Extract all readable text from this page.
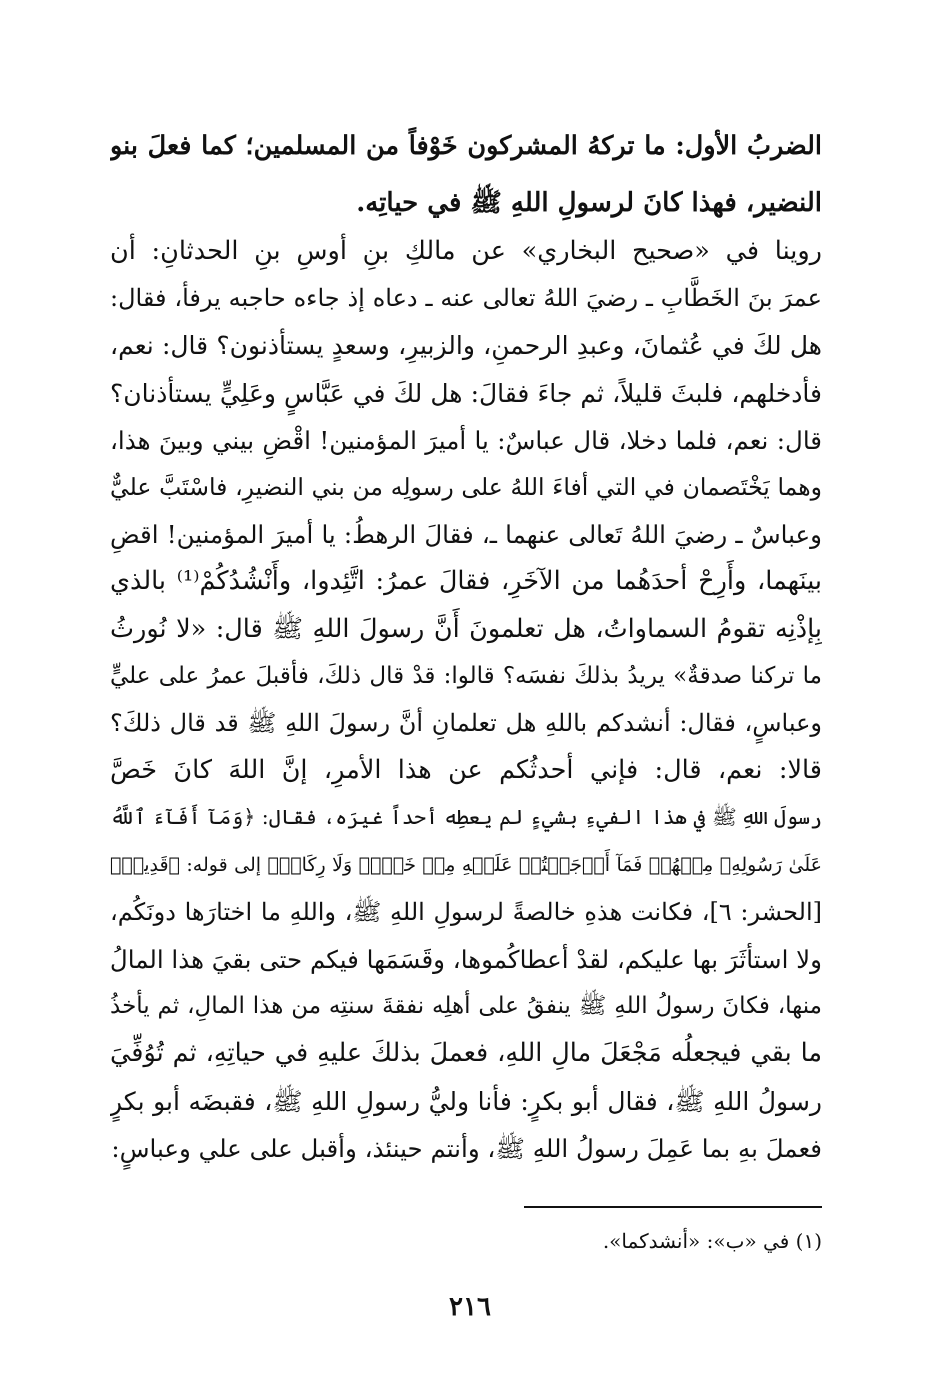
الضربُ الأول: ما تركهُ المشركون خَوْفاً من المسلمين؛ كما فعلَ بنو
النضير، فهذا كانَ لرسولِ اللهِ ﷺ في حياتِه.
روينا في «صحيح البخاري» عن مالكِ بنِ أوسِ بنِ الحدثانِ: أن
عمرَ بنَ الخَطَّابِ ـ رضيَ اللهُ تعالى عنه ـ دعاه إذ جاءه حاجبه يرفأ، فقال:
هل لكَ في عُثمانَ، وعبدِ الرحمنِ، والزبيرِ، وسعدٍ يستأذنون؟ قال: نعم،
فأدخلهم، فلبثَ قليلاً، ثم جاءَ فقالَ: هل لكَ في عَبَّاسٍ وعَلِيٍّ يستأذنان؟
قال: نعم، فلما دخلا، قال عباسٌ: يا أميرَ المؤمنين! اقْضِ بيني وبينَ هذا،
وهما يَخْتَصمان في التي أفاءَ اللهُ على رسولِه من بني النضيرِ، فاسْتَبَّ عليٌّ
وعباسٌ ـ رضيَ اللهُ تَعالى عنهما ـ، فقالَ الرهطُ: يا أميرَ المؤمنين! اقضِ
بينَهما، وأَرِحْ أحدَهُما من الآخَرِ، فقالَ عمرُ: اتَّئِدوا، وأَنْشُدُكُمْ⁽¹⁾ بالذي
بِإذْنِه تقومُ السماواتُ، هل تعلمونَ أَنَّ رسولَ اللهِ ﷺ قال: «لا نُورثُ
ما تركنا صدقةٌ» يريدُ بذلكَ نفسَه؟ قالوا: قدْ قال ذلكَ، فأقبلَ عمرُ على عليٍّ
وعباسٍ، فقال: أنشدكم باللهِ هل تعلمانِ أنَّ رسولَ اللهِ ﷺ قد قال ذلكَ؟
قالا: نعم، قال: فإني أحدثُكم عن هذا الأمرِ، إنَّ اللهَ كانَ خَصَّ
رسولَ اللهِ ﷺ في هذا الفيءِ بشيءٍ لم يعطِه أحداً غيرَه، فقال: ﴿وَمَآ أَفَآءَ ٱللَّهُ
عَلَىٰ رَسُولِهِۦ مِنۡهُمۡ فَمَآ أَوۡجَفۡتُمۡ عَلَيۡهِ مِنۡ خَيۡلٖ وَلَا رِكَابٖ﴾ إلى قوله: ﴿قَدِيرٞ﴾
[الحشر: ٦]، فكانت هذهِ خالصةً لرسولِ اللهِ ﷺ، واللهِ ما اختارَها دونَكُم،
ولا استأثَرَ بها عليكم، لقدْ أعطاكُموها، وقَسَمَها فيكم حتى بقيَ هذا المالُ
منها، فكانَ رسولُ اللهِ ﷺ ينفقُ على أهلِه نفقةَ سنتِه من هذا المالِ، ثم يأخذُ
ما بقي فيجعلُه مَجْعَلَ مالِ اللهِ، فعملَ بذلكَ عليهِ في حياتِهِ، ثم تُوُفِّيَ
رسولُ اللهِ ﷺ، فقال أبو بكرٍ: فأنا وليُّ رسولِ اللهِ ﷺ، فقبضَه أبو بكرٍ
فعملَ بهِ بما عَمِلَ رسولُ اللهِ ﷺ، وأنتم حينئذ، وأقبل على علي وعباسٍ:
(١) في «ب»: «أنشدكما».
٢١٦
